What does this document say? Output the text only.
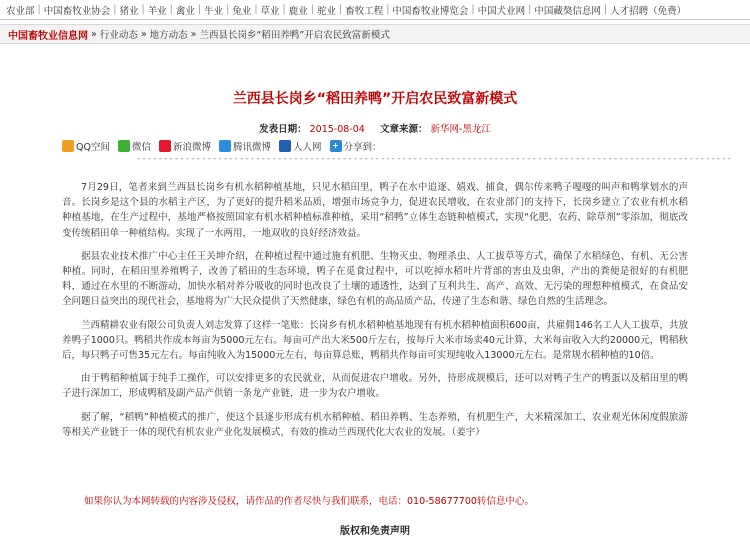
农业部 | 中国畜牧业协会 | 猪业 | 羊业 | 禽业 | 牛业 | 兔业 | 草业 | 鹿业 | 驼业 | 畜牧工程 | 中国畜牧业博览会 | 中国犬业网 | 中国藏獒信息网 | 人才招聘（免费）
中国畜牧业信息网 » 行业动态 » 地方动态 » 兰西县长岗乡“稻田养鸭”开启农民致富新模式
兰西县长岗乡“稻田养鸭”开启农民致富新模式
发表日期： 2015-08-04 文章来源： 新华网-黑龙江
QQ空间 微信 新浪微博 腾讯微博 人人网	+ 分享到：
--------------------------------------------------------------------------------------------------------------

7月29日，笔者来到兰西县长岗乡有机水稻种植基地，只见水稻田里，鸭子在水中追逐、嬉戏、捕食，偶尔传来鸭子嘎嘎的叫声和鸭掌划水的声音。长岗乡是这个县的水稻主产区，为了更好的提升稻米品质，增强市场竞争力，促进农民增收，在农业部门的支持下，长岗乡建立了农业有机水稻种植基地，在生产过程中，基地严格按照国家有机水稻种植标准种植，采用“稻鸭”立体生态链种植模式，实现“化肥、农药、除草剂”零添加，彻底改变传统稻田单一种植结构。实现了一水两用，一地双收的良好经济效益。

据县农业技术推广中心主任王关坤介绍，在种植过程中通过施有机肥、生物灭虫、物理杀虫、人工拔草等方式，确保了水稻绿色、有机、无公害种植。同时，在稻田里养殖鸭子，改善了稻田的生态环境，鸭子在觅食过程中，可以吃掉水稻叶片背部的害虫及虫卵，产出的粪便是很好的有机肥料，通过在水里的不断游动，加快水稻对养分吸收的同时也改良了土壤的通透性，达到了互利共生、高产、高效、无污染的理想种植模式，在食品安全问题日益突出的现代社会，基地将为广大民众提供了天然健康，绿色有机的高品质产品，传递了生态和谐、绿色自然的生活理念。

兰西精耕农业有限公司负责人刘志发算了这样一笔账：长岗乡有机水稻种植基地现有有机水稻种植面积600亩，共雇佣146名工人人工拔草，共放养鸭子1000只。鸭稻共作成本每亩为5000元左右。每亩可产出大米500斤左右，按每斤大米市场卖40元计算，大米每亩收入大约20000元，鸭稻秋后，每只鸭子可售35元左右。每亩纯收入为15000元左右，每亩算总账，鸭稻共作每亩可实现纯收入13000元左右。是常规水稻种植的10倍。

由于鸭稻种植属于纯手工操作，可以安排更多的农民就业，从而促进农户增收。另外，待形成规模后，还可以对鸭子生产的鸭蛋以及稻田里的鸭子进行深加工，形成鸭稻及副产品产供销一条龙产业链，进一步为农户增收。

据了解，“稻鸭”种植模式的推广，使这个县逐步形成有机水稻种植、稻田养鸭、生态养殖，有机肥生产，大米精深加工、农业观光休闲度假旅游等相关产业链于一体的现代有机农业产业化发展模式，有效的推动兰西现代化大农业的发展。（姜宇）

如果你认为本网转载的内容涉及侵权，请作品的作者尽快与我们联系，电话：010-58677700转信息中心。
版权和免责声明
